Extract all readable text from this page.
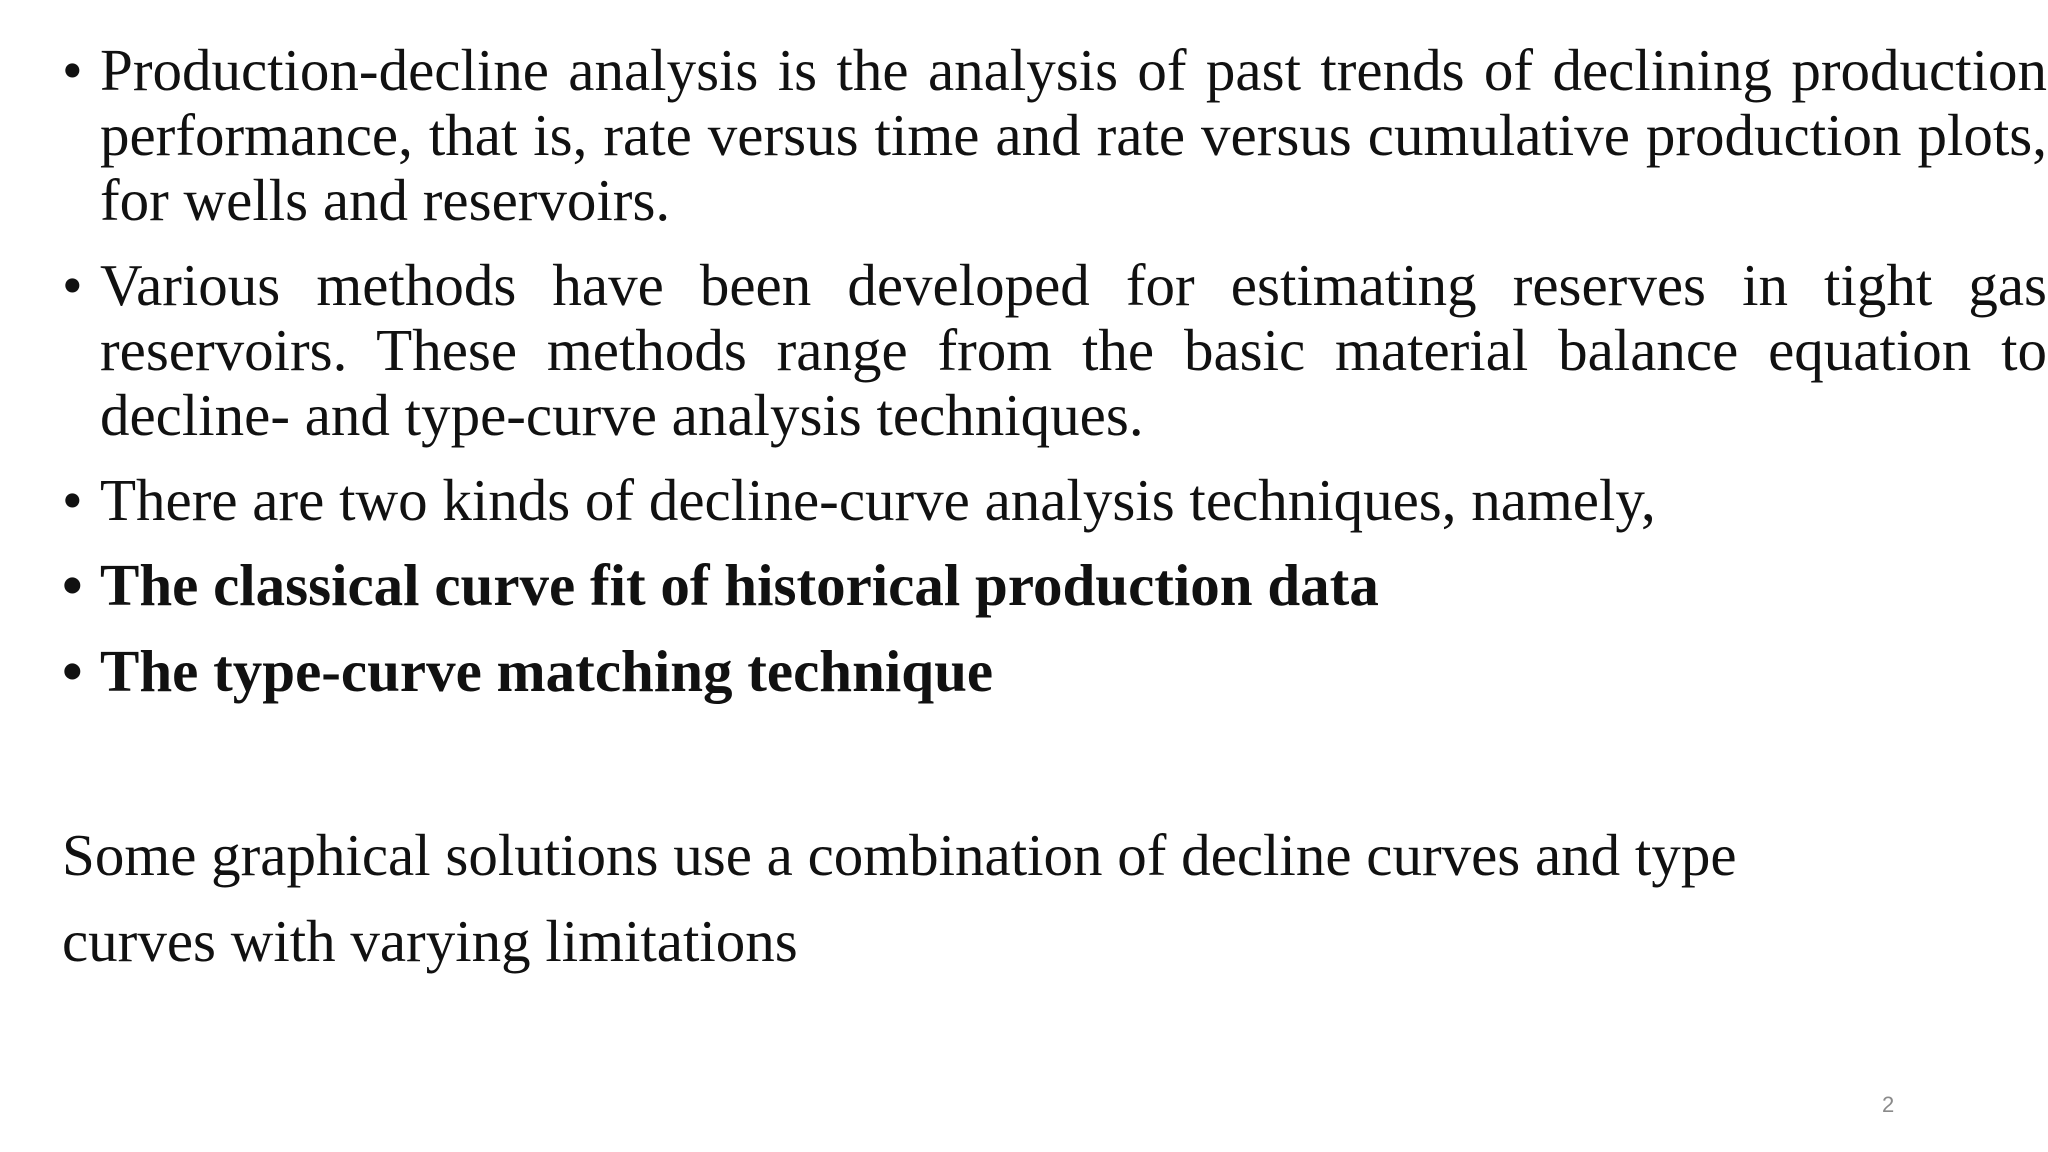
• Production-decline analysis is the analysis of past trends of declining production performance, that is, rate versus time and rate versus cumulative production plots, for wells and reservoirs.
• Various methods have been developed for estimating reserves in tight gas reservoirs. These methods range from the basic material balance equation to decline- and type-curve analysis techniques.
• There are two kinds of decline-curve analysis techniques, namely,
• The classical curve fit of historical production data
• The type-curve matching technique
Some graphical solutions use a combination of decline curves and type
curves with varying limitations
2
